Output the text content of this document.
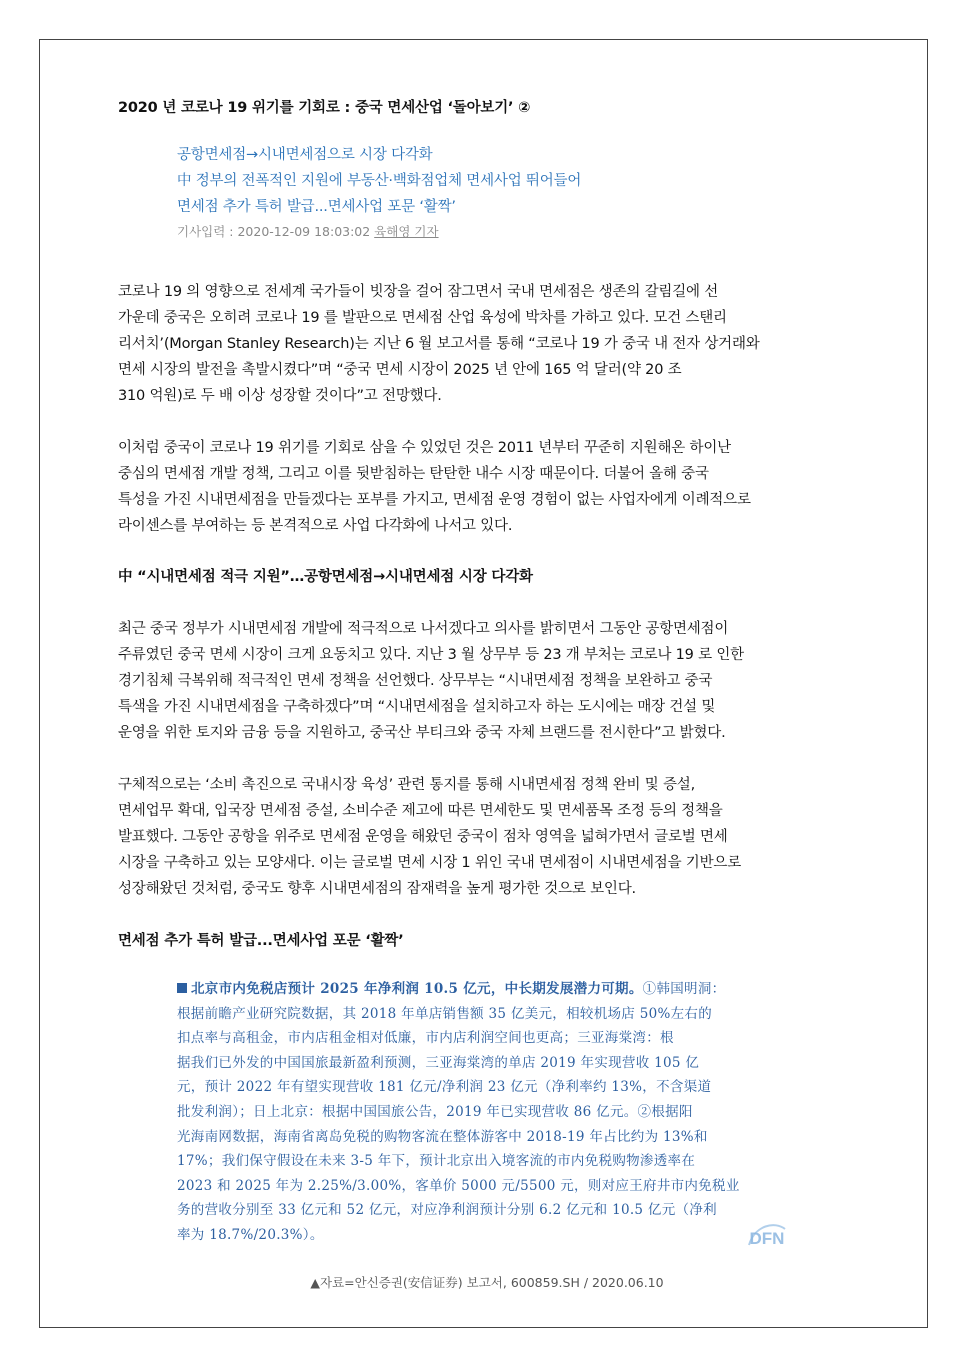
2020 년 코로나 19 위기를 기회로 : 중국 면세산업 ‘돌아보기’ ②
공항면세점→시내면세점으로 시장 다각화
中 정부의 전폭적인 지원에 부동산·백화점업체 면세사업 뛰어들어
면세점 추가 특허 발급...면세사업 포문 ‘활짝’
기사입력 : 2020-12-09 18:03:02 육해영 기자

코로나 19 의 영향으로 전세계 국가들이 빗장을 걸어 잠그면서 국내 면세점은 생존의 갈림길에 선
가운데 중국은 오히려 코로나 19 를 발판으로 면세점 산업 육성에 박차를 가하고 있다. 모건 스탠리
리서치’(Morgan Stanley Research)는 지난 6 월 보고서를 통해 “코로나 19 가 중국 내 전자 상거래와
면세 시장의 발전을 촉발시켰다”며 “중국 면세 시장이 2025 년 안에 165 억 달러(약 20 조
310 억원)로 두 배 이상 성장할 것이다”고 전망했다.

이처럼 중국이 코로나 19 위기를 기회로 삼을 수 있었던 것은 2011 년부터 꾸준히 지원해온 하이난
중심의 면세점 개발 정책, 그리고 이를 뒷받침하는 탄탄한 내수 시장 때문이다. 더불어 올해 중국
특성을 가진 시내면세점을 만들겠다는 포부를 가지고, 면세점 운영 경험이 없는 사업자에게 이례적으로
라이센스를 부여하는 등 본격적으로 사업 다각화에 나서고 있다.

中 “시내면세점 적극 지원”…공항면세점→시내면세점 시장 다각화

최근 중국 정부가 시내면세점 개발에 적극적으로 나서겠다고 의사를 밝히면서 그동안 공항면세점이
주류였던 중국 면세 시장이 크게 요동치고 있다. 지난 3 월 상무부 등 23 개 부처는 코로나 19 로 인한
경기침체 극복위해 적극적인 면세 정책을 선언했다. 상무부는 “시내면세점 정책을 보완하고 중국
특색을 가진 시내면세점을 구축하겠다”며 “시내면세점을 설치하고자 하는 도시에는 매장 건설 및
운영을 위한 토지와 금융 등을 지원하고, 중국산 부티크와 중국 자체 브랜드를 전시한다”고 밝혔다.

구체적으로는 ‘소비 촉진으로 국내시장 육성’ 관련 통지를 통해 시내면세점 정책 완비 및 증설,
면세업무 확대, 입국장 면세점 증설, 소비수준 제고에 따른 면세한도 및 면세품목 조정 등의 정책을
발표했다. 그동안 공항을 위주로 면세점 운영을 해왔던 중국이 점차 영역을 넓혀가면서 글로벌 면세
시장을 구축하고 있는 모양새다. 이는 글로벌 면세 시장 1 위인 국내 면세점이 시내면세점을 기반으로
성장해왔던 것처럼, 중국도 향후 시내면세점의 잠재력을 높게 평가한 것으로 보인다.

면세점 추가 특허 발급...면세사업 포문 ‘활짝’

北京市内免税店预计 2025 年净利润 10.5 亿元，中长期发展潜力可期。①韩国明洞：

根据前瞻产业研究院数据，其 2018 年单店销售额 35 亿美元，相较机场店 50%左右的

扣点率与高租金，市内店租金相对低廉，市内店利润空间也更高；三亚海棠湾：根

据我们已外发的中国国旅最新盈利预测，三亚海棠湾的单店 2019 年实现营收 105 亿

元，预计 2022 年有望实现营收 181 亿元/净利润 23 亿元（净利率约 13%，不含渠道

批发利润）；日上北京：根据中国国旅公告，2019 年已实现营收 86 亿元。②根据阳

光海南网数据，海南省离岛免税的购物客流在整体游客中 2018-19 年占比约为 13%和

17%；我们保守假设在未来 3-5 年下，预计北京出入境客流的市内免税购物渗透率在

2023 和 2025 年为 2.25%/3.00%，客单价 5000 元/5500 元，则对应王府井市内免税业

务的营收分别至 33 亿元和 52 亿元，对应净利润预计分别 6.2 亿元和 10.5 亿元（净利

率为 18.7%/20.3%）。	DFN
▲자료=안신증권(安信证券) 보고서, 600859.SH / 2020.06.10
